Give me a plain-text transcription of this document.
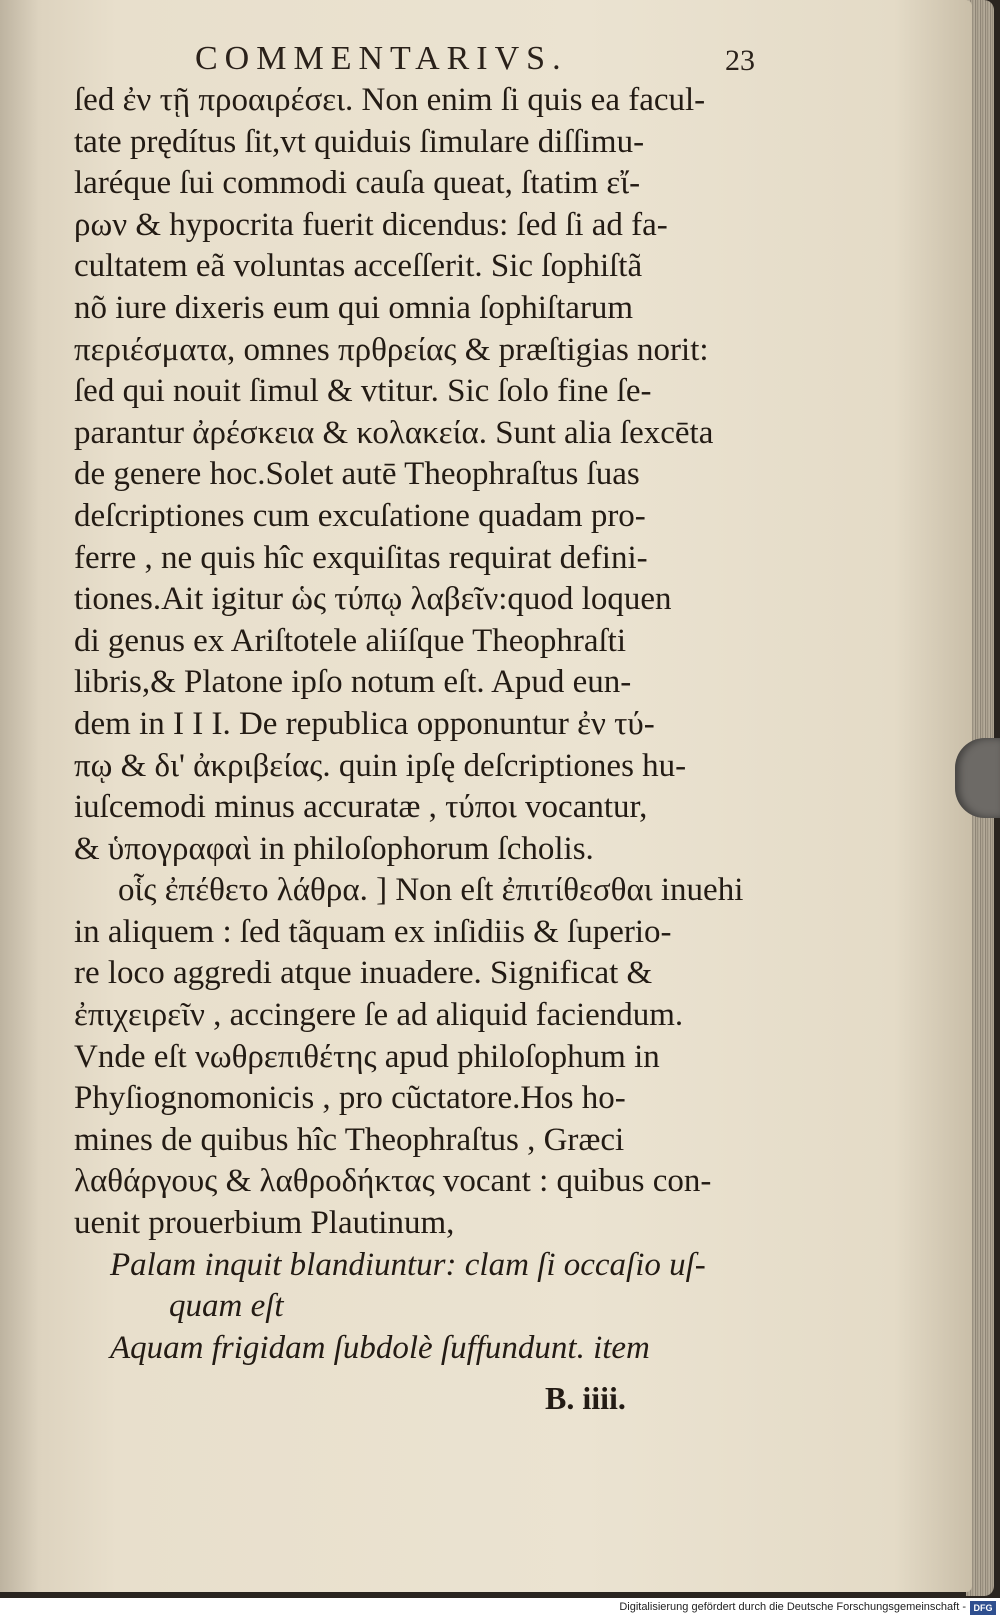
COMMENTARIVS.	23
ſed ἐν τῇ προαιρέσει. Non enim ſi quis ea facul-
tate prędítus ſit,vt quiduis ſimulare diſſimu-
laréque ſui commodi cauſa queat, ſtatim εἴ-
ρων & hypocrita fuerit dicendus: ſed ſi ad fa-
cultatem eã voluntas acceſſerit. Sic ſophiſtã
nõ iure dixeris eum qui omnia ſophiſtarum
περιέσματα, omnes πρθρείας & præſtigias norit:
ſed qui nouit ſimul & vtitur. Sic ſolo fine ſe-
parantur ἀρέσκεια & κολακεία. Sunt alia ſexcēta
de genere hoc.Solet autē Theophraſtus ſuas
deſcriptiones cum excuſatione quadam pro-
ferre , ne quis hîc exquiſitas requirat defini-
tiones.Ait igitur ὡς τύπῳ λαβεῖν:quod loquen
di genus ex Ariſtotele aliíſque Theophraſti
libris,& Platone ipſo notum eſt. Apud eun-
dem in I I I. De republica opponuntur ἐν τύ-
πῳ & δι' ἀκριβείας. quin ipſę deſcriptiones hu-
iuſcemodi minus accuratæ , τύποι vocantur,
& ὑπογραφαὶ in philoſophorum ſcholis.
οἷς ἐπέθετο λάθρα. ] Non eſt ἐπιτίθεσθαι inuehi
in aliquem : ſed tãquam ex inſidiis & ſuperio-
re loco aggredi atque inuadere. Significat &
ἐπιχειρεῖν , accingere ſe ad aliquid faciendum.
Vnde eſt νωθρεπιθέτης apud philoſophum in
Phyſiognomonicis , pro cũctatore.Hos ho-
mines de quibus hîc Theophraſtus , Græci
λαθάργους & λαθροδήκτας vocant : quibus con-
uenit prouerbium Plautinum,
Palam inquit blandiuntur: clam ſi occaſio uſ-
quam eſt
Aquam frigidam ſubdolè ſuffundunt. item
B. iiii.
Digitalisierung gefördert durch die Deutsche Forschungsgemeinschaft - DFG
